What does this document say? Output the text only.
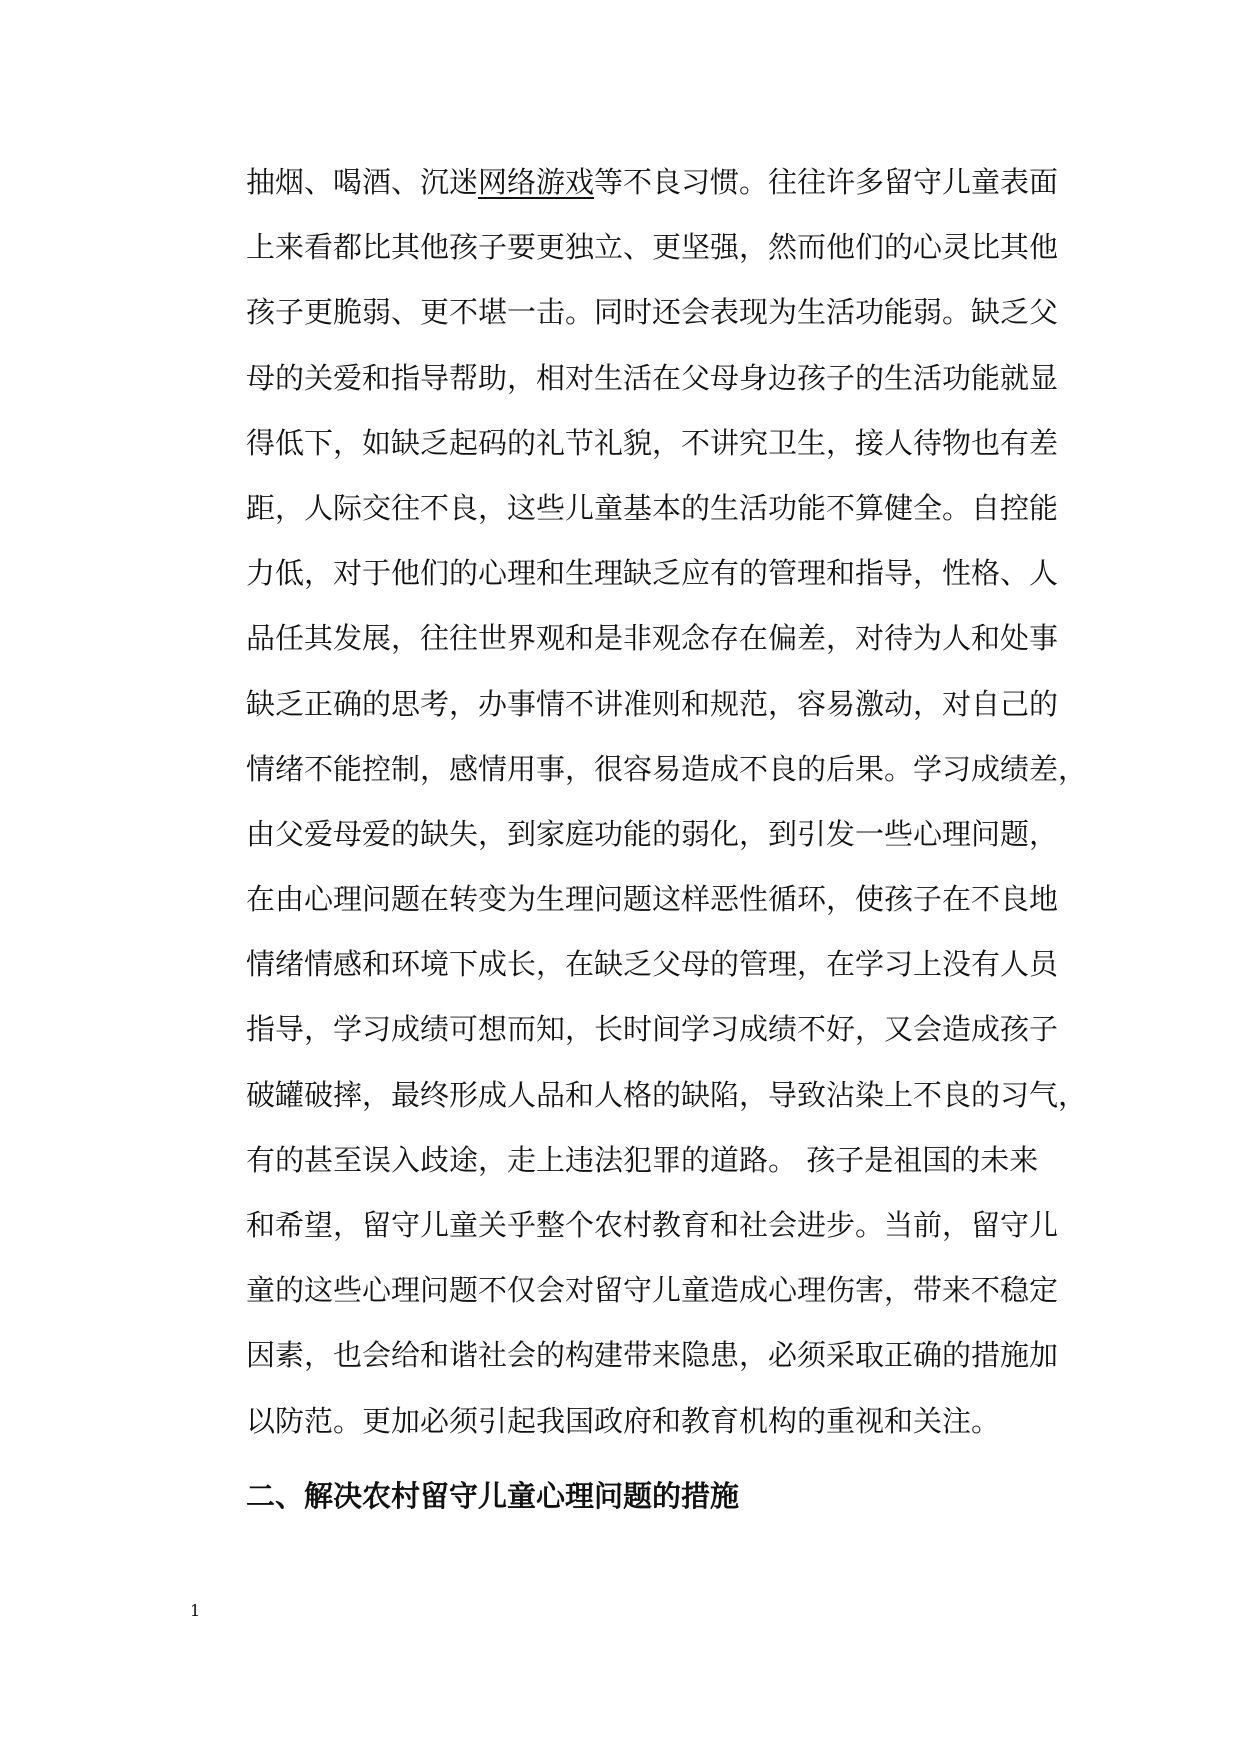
抽烟、喝酒、沉迷网络游戏等不良习惯。往往许多留守儿童表面
上来看都比其他孩子要更独立、更坚强，然而他们的心灵比其他
孩子更脆弱、更不堪一击。同时还会表现为生活功能弱。缺乏父
母的关爱和指导帮助，相对生活在父母身边孩子的生活功能就显
得低下，如缺乏起码的礼节礼貌，不讲究卫生，接人待物也有差
距，人际交往不良，这些儿童基本的生活功能不算健全。自控能
力低，对于他们的心理和生理缺乏应有的管理和指导，性格、人
品任其发展，往往世界观和是非观念存在偏差，对待为人和处事
缺乏正确的思考，办事情不讲准则和规范，容易激动，对自己的
情绪不能控制，感情用事，很容易造成不良的后果。学习成绩差，
由父爱母爱的缺失，到家庭功能的弱化，到引发一些心理问题，
在由心理问题在转变为生理问题这样恶性循环，使孩子在不良地
情绪情感和环境下成长，在缺乏父母的管理，在学习上没有人员
指导，学习成绩可想而知，长时间学习成绩不好，又会造成孩子
破罐破摔，最终形成人品和人格的缺陷，导致沾染上不良的习气，
有的甚至误入歧途，走上违法犯罪的道路。 孩子是祖国的未来
和希望，留守儿童关乎整个农村教育和社会进步。当前，留守儿
童的这些心理问题不仅会对留守儿童造成心理伤害，带来不稳定
因素，也会给和谐社会的构建带来隐患，必须采取正确的措施加
以防范。更加必须引起我国政府和教育机构的重视和关注。
二、解决农村留守儿童心理问题的措施
1
